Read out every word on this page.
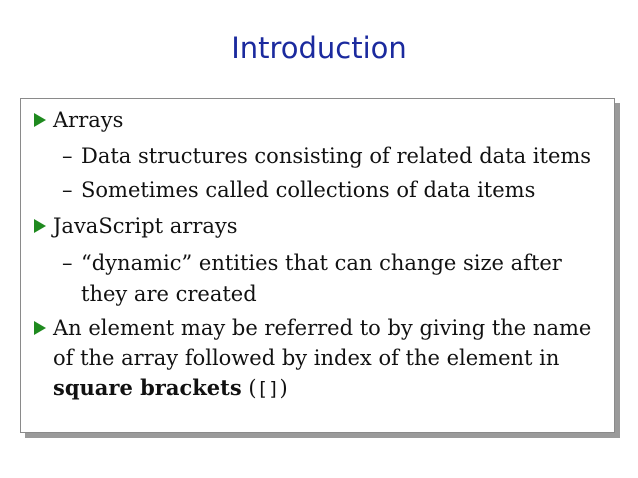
Introduction
Arrays
– Data structures consisting of related data items
– Sometimes called collections of data items
JavaScript arrays
– “dynamic” entities that can change size after
they are created
An element may be referred to by giving the name
of the array followed by index of the element in
square brackets ([])
